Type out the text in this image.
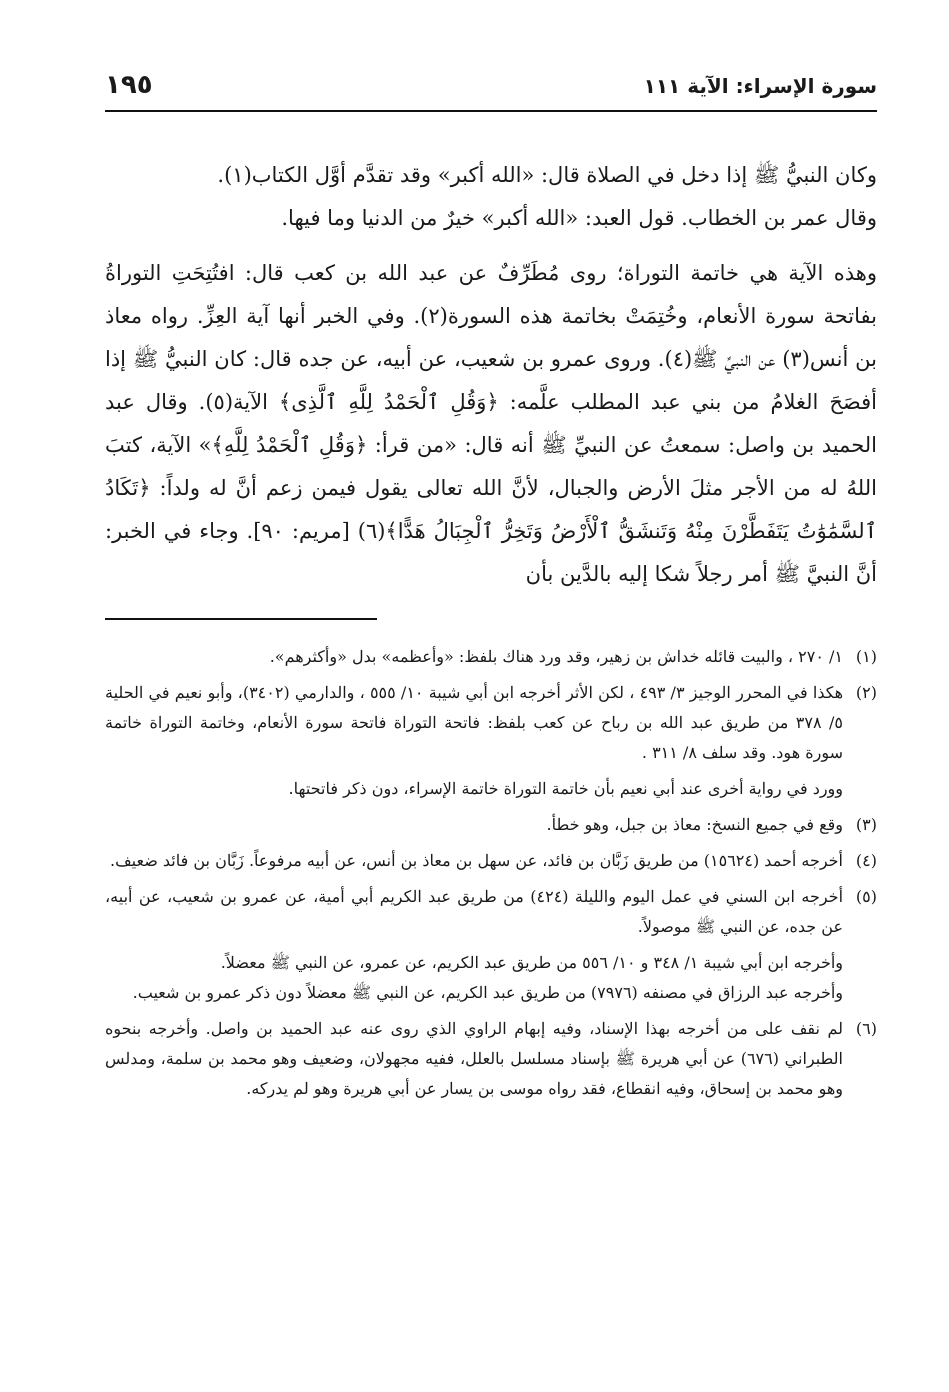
سورة الإسراء: الآية ١١١
١٩٥

وكان النبيُّ ﷺ إذا دخل في الصلاة قال: «الله أكبر» وقد تقدَّم أوَّل الكتاب(١).

وقال عمر بن الخطاب. قول العبد: «الله أكبر» خيرٌ من الدنيا وما فيها.

وهذه الآية هي خاتمة التوراة؛ روى مُطَرِّفٌ عن عبد الله بن كعب قال: افتُتِحَتِ التوراةُ بفاتحة سورة الأنعام، وخُتِمَتْ بخاتمة هذه السورة(٢). وفي الخبر أنها آية العِزِّ. رواه معاذ بن أنس(٣) عن النبيِّ ﷺ(٤). وروى عمرو بن شعيب، عن أبيه، عن جده قال: كان النبيُّ ﷺ إذا أفصَحَ الغلامُ من بني عبد المطلب علَّمه: ﴿وَقُلِ ٱلْحَمْدُ لِلَّهِ ٱلَّذِى﴾ الآية(٥). وقال عبد الحميد بن واصل: سمعتُ عن النبيِّ ﷺ أنه قال: «من قرأ: ﴿وَقُلِ ٱلْحَمْدُ لِلَّهِ﴾» الآية، كتبَ اللهُ له من الأجر مثلَ الأرض والجبال، لأنَّ الله تعالى يقول فيمن زعم أنَّ له ولداً: ﴿تَكَادُ ٱلسَّمَٰوَٰتُ يَتَفَطَّرْنَ مِنْهُ وَتَنشَقُّ ٱلْأَرْضُ وَتَخِرُّ ٱلْجِبَالُ هَدًّا﴾(٦) [مريم: ٩٠]. وجاء في الخبر: أنَّ النبيَّ ﷺ أمر رجلاً شكا إليه بالدَّين بأن

(١)

١/ ٢٧٠ ، والبيت قائله خداش بن زهير، وقد ورد هناك بلفظ: «وأعظمه» بدل «وأكثرهم».

(٢)

هكذا في المحرر الوجيز ٣/ ٤٩٣ ، لكن الأثر أخرجه ابن أبي شيبة ١٠/ ٥٥٥ ، والدارمي (٣٤٠٢)، وأبو نعيم في الحلية ٥/ ٣٧٨ من طريق عبد الله بن رباح عن كعب بلفظ: فاتحة التوراة فاتحة سورة الأنعام، وخاتمة التوراة خاتمة سورة هود. وقد سلف ٨/ ٣١١ .

وورد في رواية أخرى عند أبي نعيم بأن خاتمة التوراة خاتمة الإسراء، دون ذكر فاتحتها.

(٣)

وقع في جميع النسخ: معاذ بن جبل، وهو خطأ.

(٤)

أخرجه أحمد (١٥٦٢٤) من طريق زَبَّان بن فائد، عن سهل بن معاذ بن أنس، عن أبيه مرفوعاً. زَبَّان بن فائد ضعيف.

(٥)

أخرجه ابن السني في عمل اليوم والليلة (٤٢٤) من طريق عبد الكريم أبي أمية، عن عمرو بن شعيب، عن أبيه، عن جده، عن النبي ﷺ موصولاً.

وأخرجه ابن أبي شيبة ١/ ٣٤٨ و ١٠/ ٥٥٦ من طريق عبد الكريم، عن عمرو، عن النبي ﷺ معضلاً.

وأخرجه عبد الرزاق في مصنفه (٧٩٧٦) من طريق عبد الكريم، عن النبي ﷺ معضلاً دون ذكر عمرو بن شعيب.

(٦)

لم نقف على من أخرجه بهذا الإسناد، وفيه إبهام الراوي الذي روى عنه عبد الحميد بن واصل. وأخرجه بنحوه الطبراني (٦٧٦) عن أبي هريرة ﷺ بإسناد مسلسل بالعلل، ففيه مجهولان، وضعيف وهو محمد بن سلمة، ومدلس وهو محمد بن إسحاق، وفيه انقطاع، فقد رواه موسى بن يسار عن أبي هريرة وهو لم يدركه.
